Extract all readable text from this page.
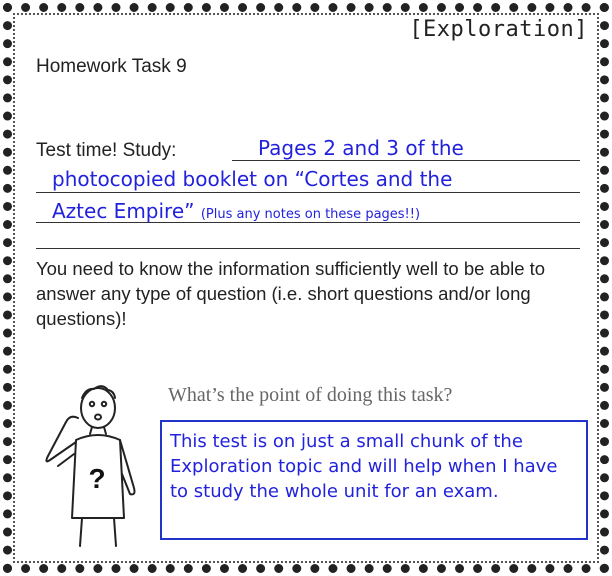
[Exploration]
Homework Task 9
Test time! Study:	Pages 2 and 3 of the
photocopied booklet on “Cortes and the
Aztec Empire” (Plus any notes on these pages!!)
You need to know the information sufficiently well to be able to answer any type of question (i.e. short questions and/or long questions)!
?
What’s the point of doing this task?
This test is on just a small chunk of the Exploration topic and will help when I have to study the whole unit for an exam.
